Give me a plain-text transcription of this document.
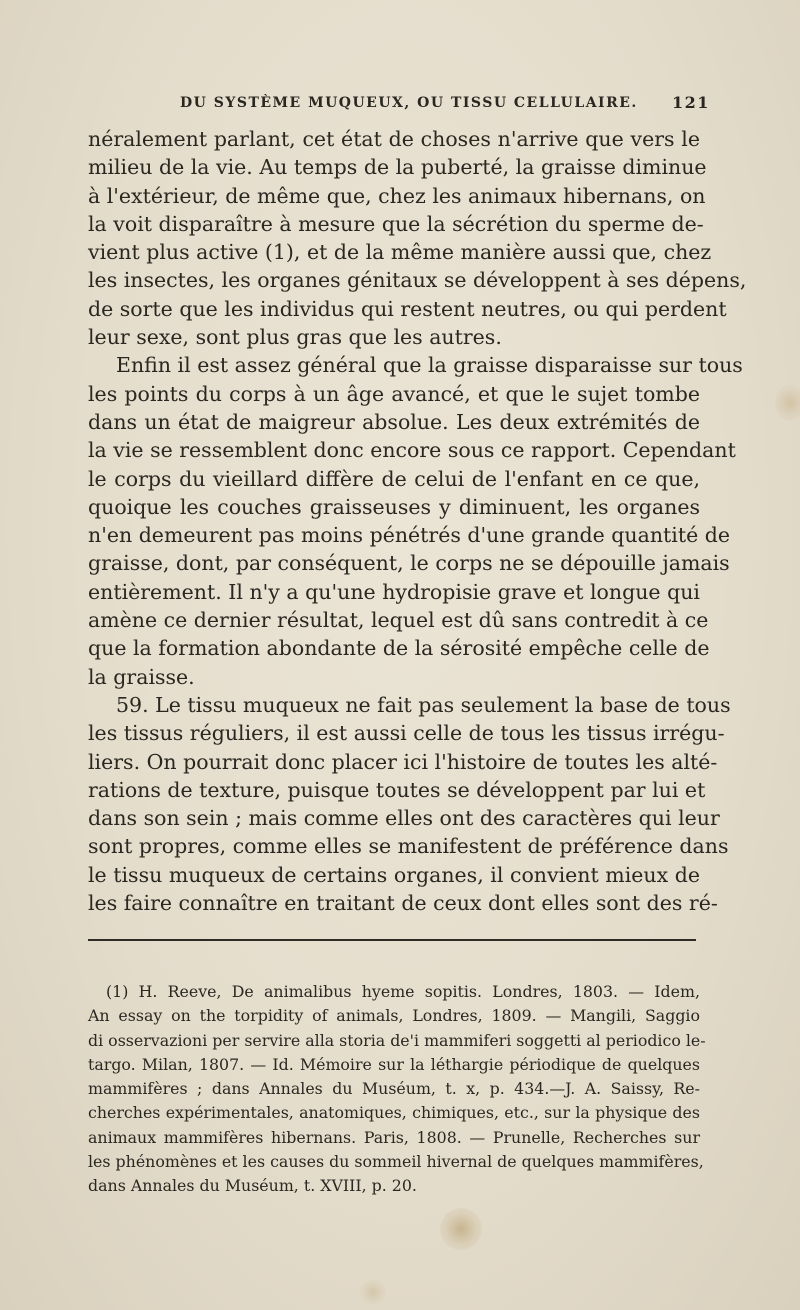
DU SYSTÈME MUQUEUX, OU TISSU CELLULAIRE. 121
néralement parlant, cet état de choses n'arrive que vers le
milieu de la vie. Au temps de la puberté, la graisse diminue
à l'extérieur, de même que, chez les animaux hibernans, on
la voit disparaître à mesure que la sécrétion du sperme de-
vient plus active (1), et de la même manière aussi que, chez
les insectes, les organes génitaux se développent à ses dépens,
de sorte que les individus qui restent neutres, ou qui perdent
leur sexe, sont plus gras que les autres.
Enfin il est assez général que la graisse disparaisse sur tous
les points du corps à un âge avancé, et que le sujet tombe
dans un état de maigreur absolue. Les deux extrémités de
la vie se ressemblent donc encore sous ce rapport. Cependant
le corps du vieillard diffère de celui de l'enfant en ce que,
quoique les couches graisseuses y diminuent, les organes
n'en demeurent pas moins pénétrés d'une grande quantité de
graisse, dont, par conséquent, le corps ne se dépouille jamais
entièrement. Il n'y a qu'une hydropisie grave et longue qui
amène ce dernier résultat, lequel est dû sans contredit à ce
que la formation abondante de la sérosité empêche celle de
la graisse.
59. Le tissu muqueux ne fait pas seulement la base de tous
les tissus réguliers, il est aussi celle de tous les tissus irrégu-
liers. On pourrait donc placer ici l'histoire de toutes les alté-
rations de texture, puisque toutes se développent par lui et
dans son sein ; mais comme elles ont des caractères qui leur
sont propres, comme elles se manifestent de préférence dans
le tissu muqueux de certains organes, il convient mieux de
les faire connaître en traitant de ceux dont elles sont des ré-
(1) H. Reeve, De animalibus hyeme sopitis. Londres, 1803. — Idem,
An essay on the torpidity of animals, Londres, 1809. — Mangili, Saggio
di osservazioni per servire alla storia de'i mammiferi soggetti al periodico le-
targo. Milan, 1807. — Id. Mémoire sur la léthargie périodique de quelques
mammifères ; dans Annales du Muséum, t. x, p. 434.—J. A. Saissy, Re-
cherches expérimentales, anatomiques, chimiques, etc., sur la physique des
animaux mammifères hibernans. Paris, 1808. — Prunelle, Recherches sur
les phénomènes et les causes du sommeil hivernal de quelques mammifères,
dans Annales du Muséum, t. XVIII, p. 20.
